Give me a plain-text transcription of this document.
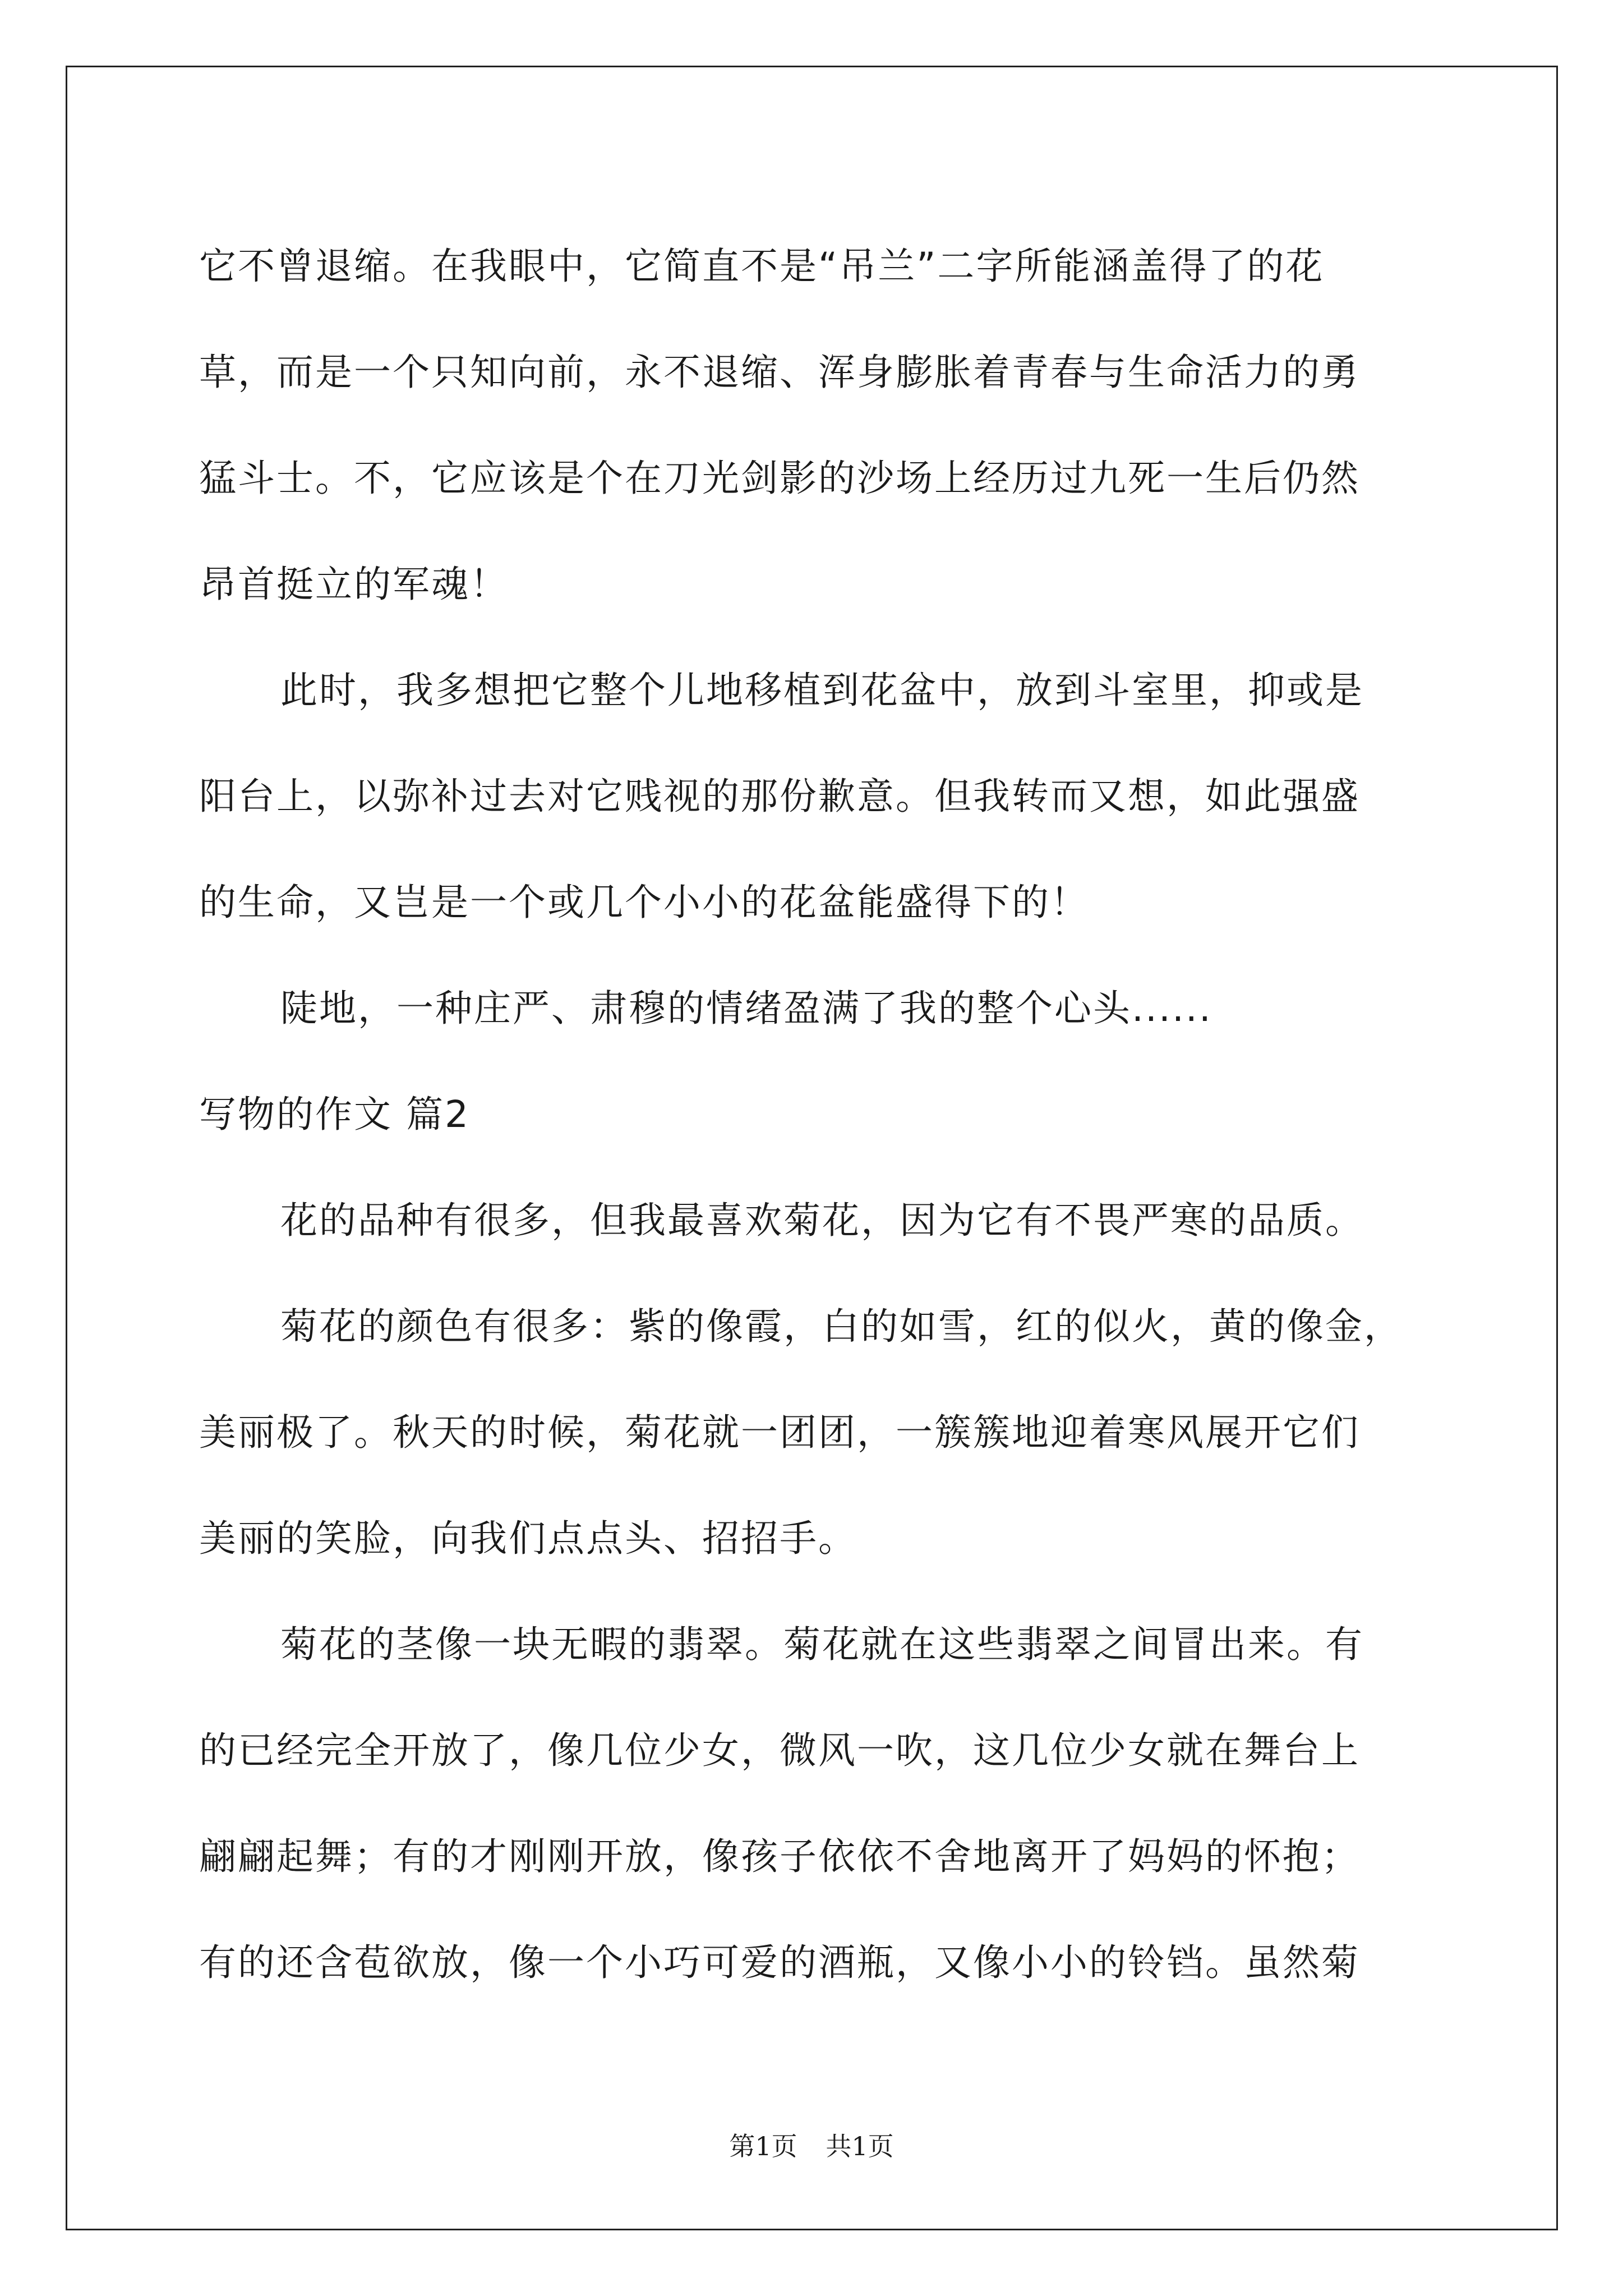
它不曾退缩。在我眼中，它简直不是“吊兰”二字所能涵盖得了的花
草，而是一个只知向前，永不退缩、浑身膨胀着青春与生命活力的勇
猛斗士。不，它应该是个在刀光剑影的沙场上经历过九死一生后仍然
昂首挺立的军魂！
此时，我多想把它整个儿地移植到花盆中，放到斗室里，抑或是
阳台上，以弥补过去对它贱视的那份歉意。但我转而又想，如此强盛
的生命，又岂是一个或几个小小的花盆能盛得下的！
陡地，一种庄严、肃穆的情绪盈满了我的整个心头......
写物的作文 篇2
花的品种有很多，但我最喜欢菊花，因为它有不畏严寒的品质。
菊花的颜色有很多：紫的像霞，白的如雪，红的似火，黄的像金，
美丽极了。秋天的时候，菊花就一团团，一簇簇地迎着寒风展开它们
美丽的笑脸，向我们点点头、招招手。
菊花的茎像一块无暇的翡翠。菊花就在这些翡翠之间冒出来。有
的已经完全开放了，像几位少女，微风一吹，这几位少女就在舞台上
翩翩起舞；有的才刚刚开放，像孩子依依不舍地离开了妈妈的怀抱；
有的还含苞欲放，像一个小巧可爱的酒瓶，又像小小的铃铛。虽然菊
第1页 共1页
